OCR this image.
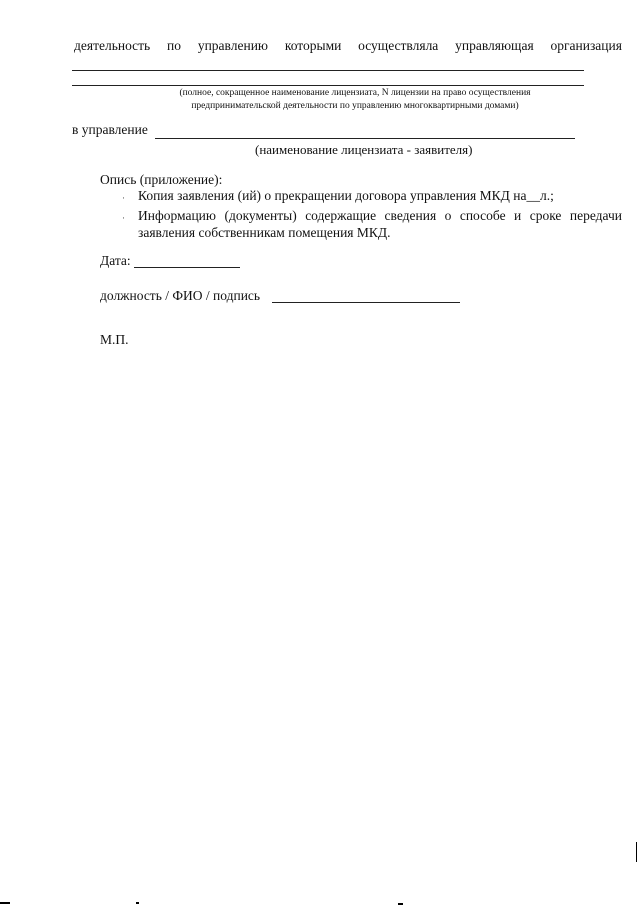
деятельность по управлению которыми осуществляла управляющая организация
(полное, сокращенное наименование лицензиата, N лицензии на право осуществления предпринимательской деятельности по управлению многоквартирными домами)
в управление
(наименование лицензиата - заявителя)
Опись (приложение):
· Копия заявления (ий) о прекращении договора управления МКД на__л.;
· Информацию (документы) содержащие сведения о способе и сроке передачи
заявления собственникам помещения МКД.
Дата:
должность / ФИО / подпись
М.П.
